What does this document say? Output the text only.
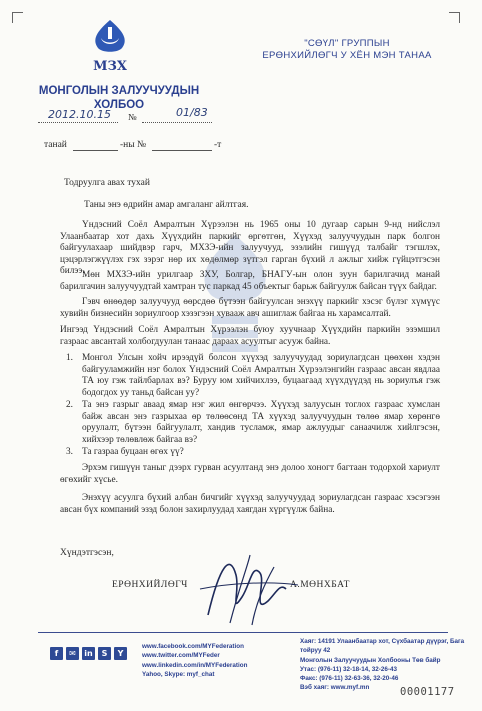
МЗХ
МОНГОЛЫН ЗАЛУУЧУУДЫН
ХОЛБОО
2012.10.15 №	01/83
танай	-ны №	-т
"СӨҮЛ" ГРУППЫН
ЕРӨНХИЙЛӨГЧ У ХЁН МЭН ТАНАА
Тодруулга авах тухай
Таны энэ өдрийн амар амгаланг айлтгая.
Үндэсний Соёл Амралтын Хүрээлэн нь 1965 оны 10 дугаар сарын 9-нд нийслэл Улаанбаатар хот дахь Хүүхдийн паркийг өргөтгөн, Хүүхэд залуучуудын парк болгон байгуулахаар шийдвэр гарч, МХЗЭ-ийн залуучууд, эзэлийн гишүүд талбайг тэгшлэх, цэцэрлэгжүүлэх гэх зэрэг нөр их хөдөлмөр зүтгэл гарган бүхий л ажлыг хийж гүйцэтгэсэн билээ.
Мөн МХЗЭ-ийн урилгаар ЗХУ, Болгар, БНАГУ-ын олон зуун барилгачид манай барилгачин залуучуудтай хамтран тус паркад 45 объектыг барьж байгуулж байсан түүх байдаг.
Гэвч өнөөдөр залуучууд өөрсдөө бүтээн байгуулсан энэхүү паркийг хэсэг бүлэг хүмүүс хувийн бизнесийн зориулгоор хэзэгээн хувааж авч ашиглаж байгаа нь харамсалтай.
Ингээд Үндэсний Соёл Амралтын Хүрээлэн буюу хуучнаар Хүүхдийн паркийн эзэмшил газраас авсантай холбогдуулан танаас дараах асуултыг асууж байна.
1. Монгол Улсын хойч ирээдүй болсон хүүхэд залуучуудад зориулагдсан цөөхөн хэдэн байгууламжийн нэг болох Үндэсний Соёл Амралтын Хүрээлэнгийн газраас авсан явдлаа ТА юу гэж тайлбарлах вэ? Буруу юм хийчихлээ, буцаагаад хүүхдүүдэд нь зориулъя гэж бодогдох уу таньд байсан уу?
2. Та энэ газрыг аваад ямар нэг жил өнгөрчээ. Хүүхэд залуусын тоглох газраас хумслан байж авсан энэ газрыхаа өр төлөөсөнд ТА хүүхэд залуучуудын төлөө ямар хөрөнгө оруулалт, бүтээн байгуулалт, хандив тусламж, ямар ажлуудыг санаачилж хийлгэсэн, хийхээр төлөвлөж байгаа вэ?
3. Та газраа буцаан өгөх үү?
Эрхэм гишүүн таныг дээрх гурван асуултанд энэ долоо хоногт багтаан тодорхой хариулт өгөхийг хүсье.
Энэхүү асуулга бүхий албан бичгийг хүүхэд залуучуудад зориулагдсан газраас хэсэгээн авсан бүх компаний эзэд болон захирлуудад хаягдан хүргүүлж байна.
Хүндэтгэсэн,
ЕРӨНХИЙЛӨГЧ	А.МӨНХБАТ
f	✉	in	S	Y
www.facebook.com/MYFederation
www.twitter.com/MYFeder
www.linkedin.com/in/MYFederation
Yahoo, Skype: myf_chat
Хаяг: 14191 Улаанбаатар хот, Сүхбаатар дүүрэг, Бага тойруу 42
Монголын Залуучуудын Холбооны Төв байр
Утас: (976-11) 32-18-14, 32-26-43
Факс: (976-11) 32-63-36, 32-20-46
Вэб хаяг: www.myf.mn	00001177
